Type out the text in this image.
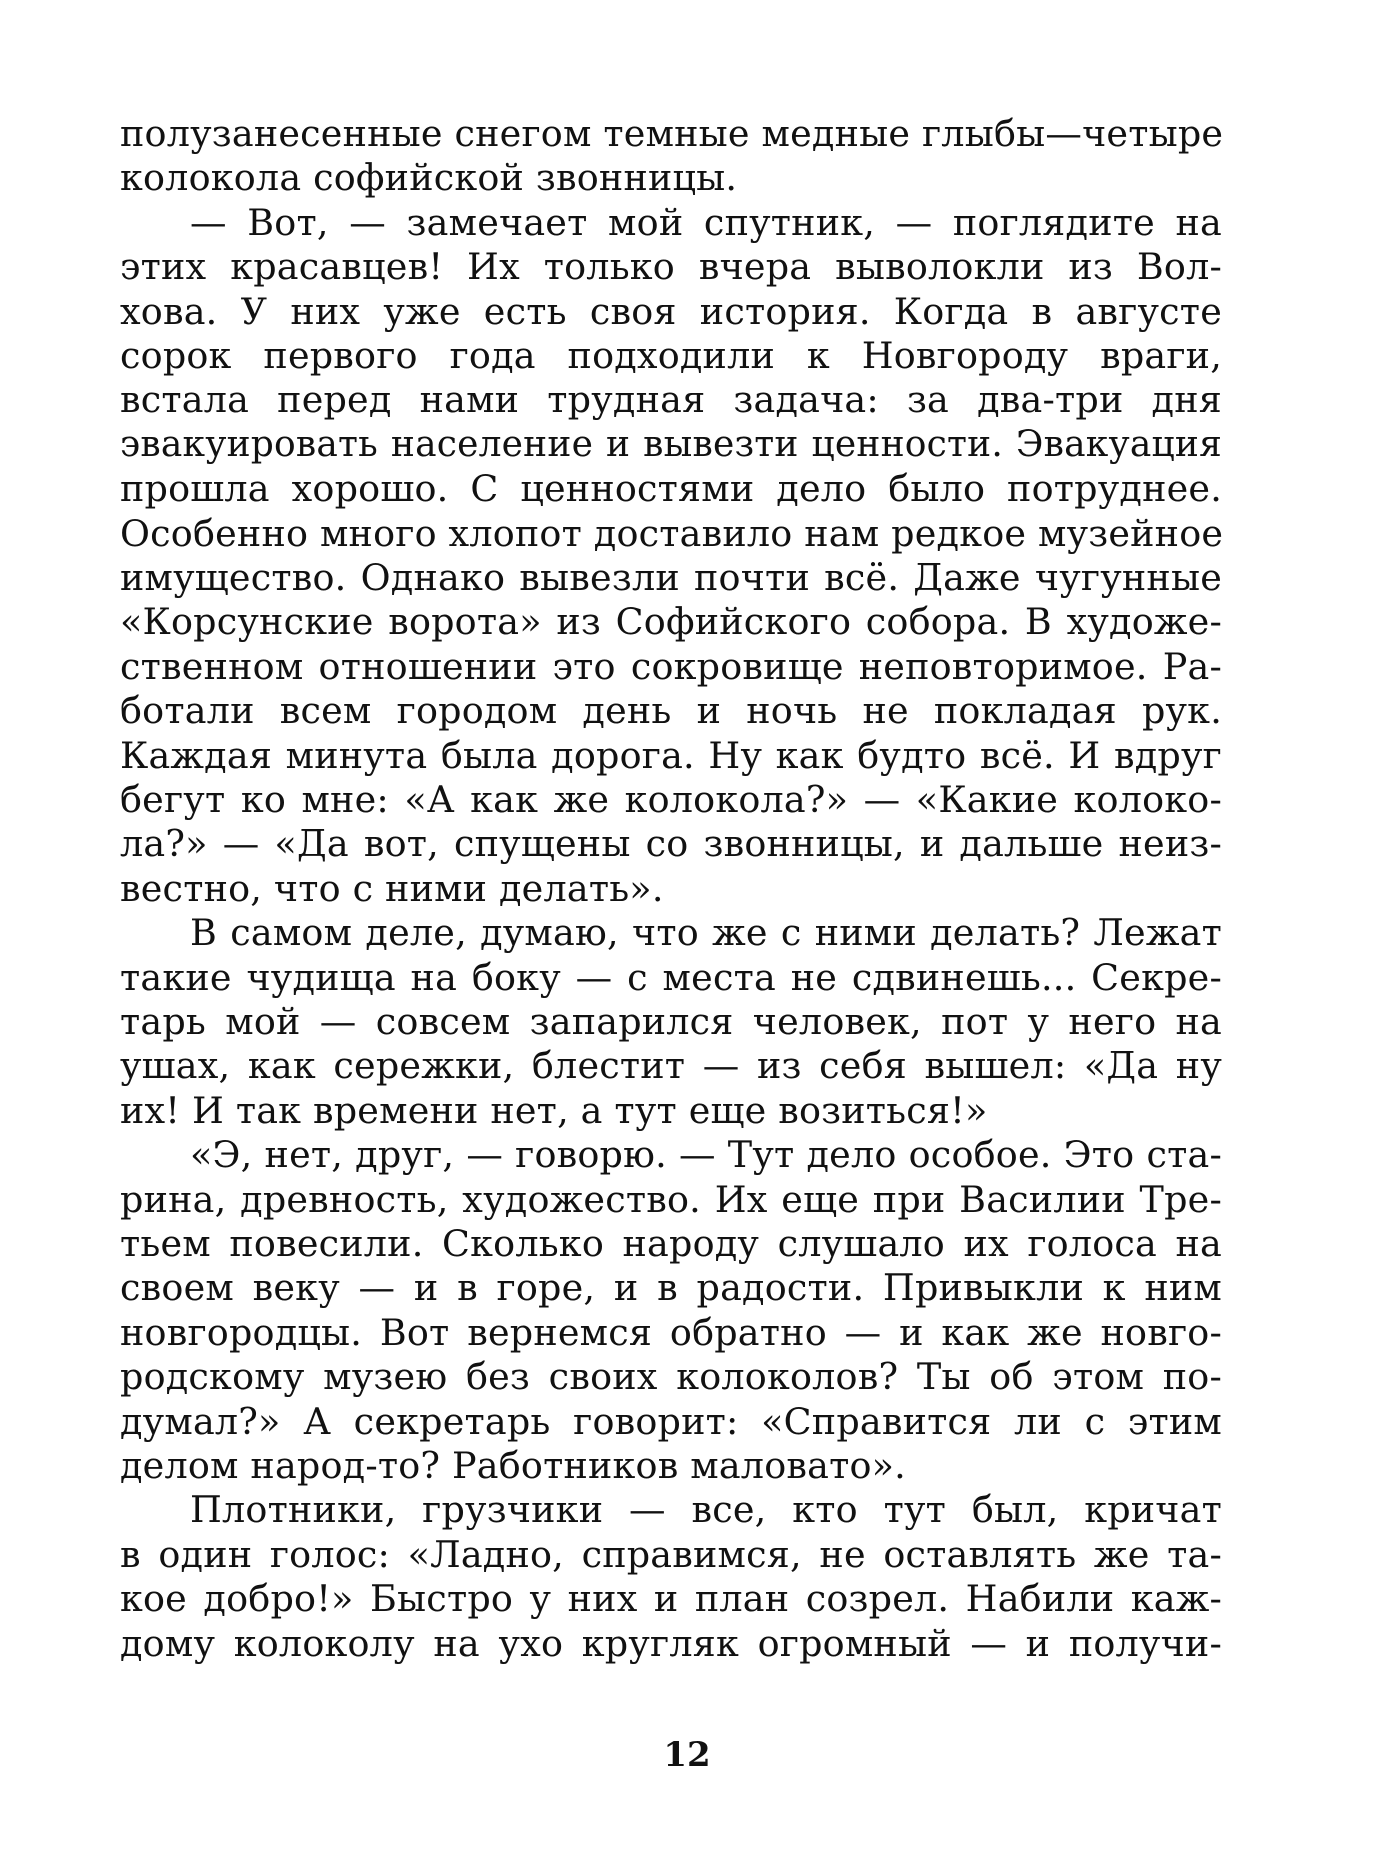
полузанесенные снегом темные медные глыбы—четыре
колокола софийской звонницы.
— Вот, — замечает мой спутник, — поглядите на
этих красавцев! Их только вчера выволокли из Вол-
хова. У них уже есть своя история. Когда в августе
сорок первого года подходили к Новгороду враги,
встала перед нами трудная задача: за два-три дня
эвакуировать население и вывезти ценности. Эвакуация
прошла хорошо. С ценностями дело было потруднее.
Особенно много хлопот доставило нам редкое музейное
имущество. Однако вывезли почти всё. Даже чугунные
«Корсунские ворота» из Софийского собора. В художе-
ственном отношении это сокровище неповторимое. Ра-
ботали всем городом день и ночь не покладая рук.
Каждая минута была дорога. Ну как будто всё. И вдруг
бегут ко мне: «А как же колокола?» — «Какие колоко-
ла?» — «Да вот, спущены со звонницы, и дальше неиз-
вестно, что с ними делать».
В самом деле, думаю, что же с ними делать? Лежат
такие чудища на боку — с места не сдвинешь... Секре-
тарь мой — совсем запарился человек, пот у него на
ушах, как сережки, блестит — из себя вышел: «Да ну
их! И так времени нет, а тут еще возиться!»
«Э, нет, друг, — говорю. — Тут дело особое. Это ста-
рина, древность, художество. Их еще при Василии Тре-
тьем повесили. Сколько народу слушало их голоса на
своем веку — и в горе, и в радости. Привыкли к ним
новгородцы. Вот вернемся обратно — и как же новго-
родскому музею без своих колоколов? Ты об этом по-
думал?» А секретарь говорит: «Справится ли с этим
делом народ-то? Работников маловато».
Плотники, грузчики — все, кто тут был, кричат
в один голос: «Ладно, справимся, не оставлять же та-
кое добро!» Быстро у них и план созрел. Набили каж-
дому колоколу на ухо кругляк огромный — и получи-
12
